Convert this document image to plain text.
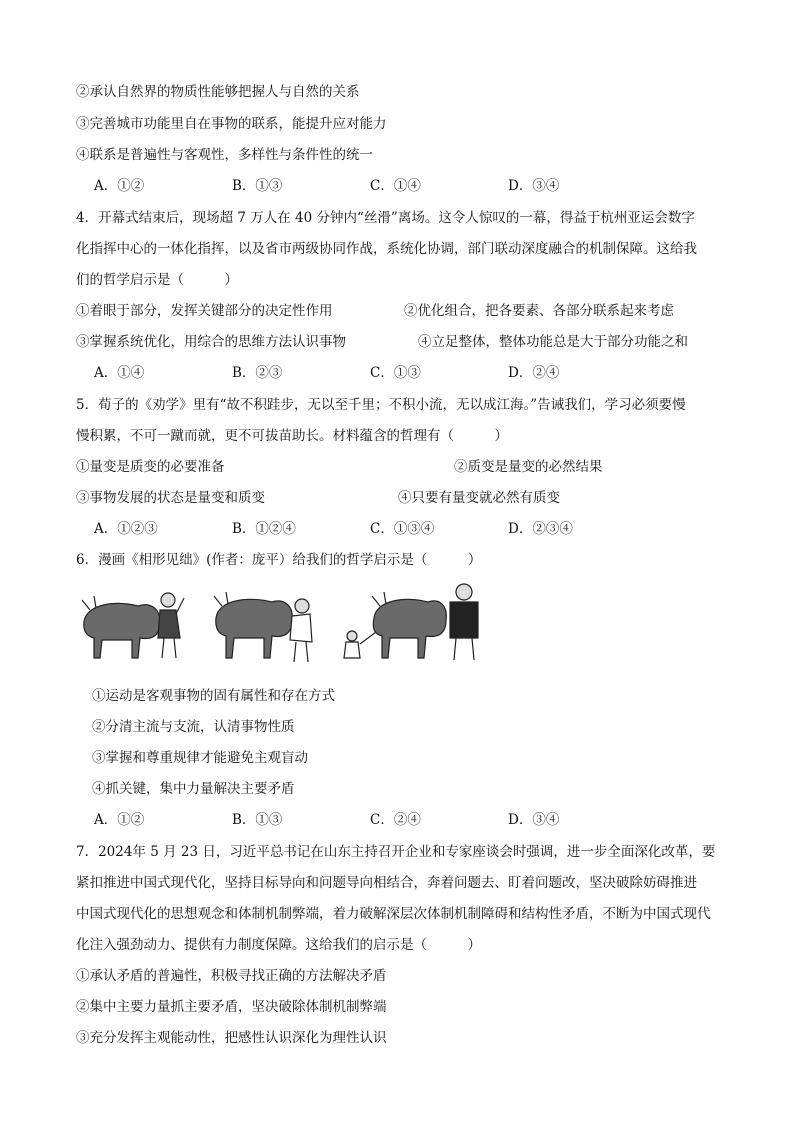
②承认自然界的物质性能够把握人与自然的关系
③完善城市功能里自在事物的联系，能提升应对能力
④联系是普遍性与客观性，多样性与条件性的统一
A．①②	B．①③	C．①④	D．③④
4．开幕式结束后，现场超 7 万人在 40 分钟内“丝滑”离场。这令人惊叹的一幕，得益于杭州亚运会数字
化指挥中心的一体化指挥，以及省市两级协同作战，系统化协调，部门联动深度融合的机制保障。这给我
们的哲学启示是（　　　）
①着眼于部分，发挥关键部分的决定性作用	②优化组合，把各要素、各部分联系起来考虑
③掌握系统优化，用综合的思维方法认识事物	④立足整体，整体功能总是大于部分功能之和
A．①④	B．②③	C．①③	D．②④
5．荀子的《劝学》里有“故不积跬步，无以至千里；不积小流，无以成江海。”告诫我们，学习必须要慢
慢积累，不可一蹴而就，更不可拔苗助长。材料蕴含的哲理有（　　　）
①量变是质变的必要准备	②质变是量变的必然结果
③事物发展的状态是量变和质变	④只要有量变就必然有质变
A．①②③	B．①②④	C．①③④	D．②③④
6．漫画《相形见绌》(作者：庞平）给我们的哲学启示是（　　　）
①运动是客观事物的固有属性和存在方式
②分清主流与支流，认清事物性质
③掌握和尊重规律才能避免主观盲动
④抓关键，集中力量解决主要矛盾
A．①②	B．①③	C．②④	D．③④
7．2024年 5 月 23 日，习近平总书记在山东主持召开企业和专家座谈会时强调，进一步全面深化改革，要
紧扣推进中国式现代化，坚持目标导向和问题导向相结合，奔着问题去、盯着问题改，坚决破除妨碍推进
中国式现代化的思想观念和体制机制弊端，着力破解深层次体制机制障碍和结构性矛盾，不断为中国式现代
化注入强劲动力、提供有力制度保障。这给我们的启示是（　　　）
①承认矛盾的普遍性，积极寻找正确的方法解决矛盾
②集中主要力量抓主要矛盾，坚决破除体制机制弊端
③充分发挥主观能动性，把感性认识深化为理性认识
